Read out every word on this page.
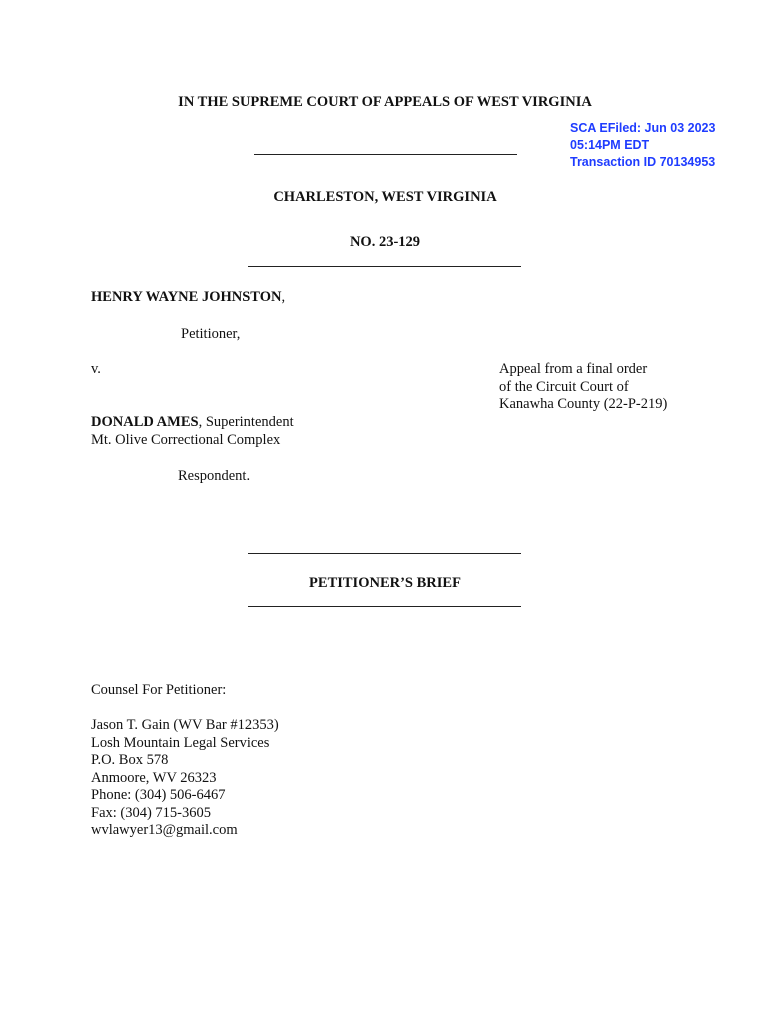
IN THE SUPREME COURT OF APPEALS OF WEST VIRGINIA
SCA EFiled: Jun 03 2023
05:14PM EDT
Transaction ID 70134953
CHARLESTON, WEST VIRGINIA
NO. 23-129
HENRY WAYNE JOHNSTON,
Petitioner,
v.	Appeal from a final order
of the Circuit Court of
Kanawha County (22-P-219)
DONALD AMES, Superintendent
Mt. Olive Correctional Complex
Respondent.
PETITIONER’S BRIEF
Counsel For Petitioner:
Jason T. Gain (WV Bar #12353)
Losh Mountain Legal Services
P.O. Box 578
Anmoore, WV 26323
Phone: (304) 506-6467
Fax: (304) 715-3605
wvlawyer13@gmail.com
